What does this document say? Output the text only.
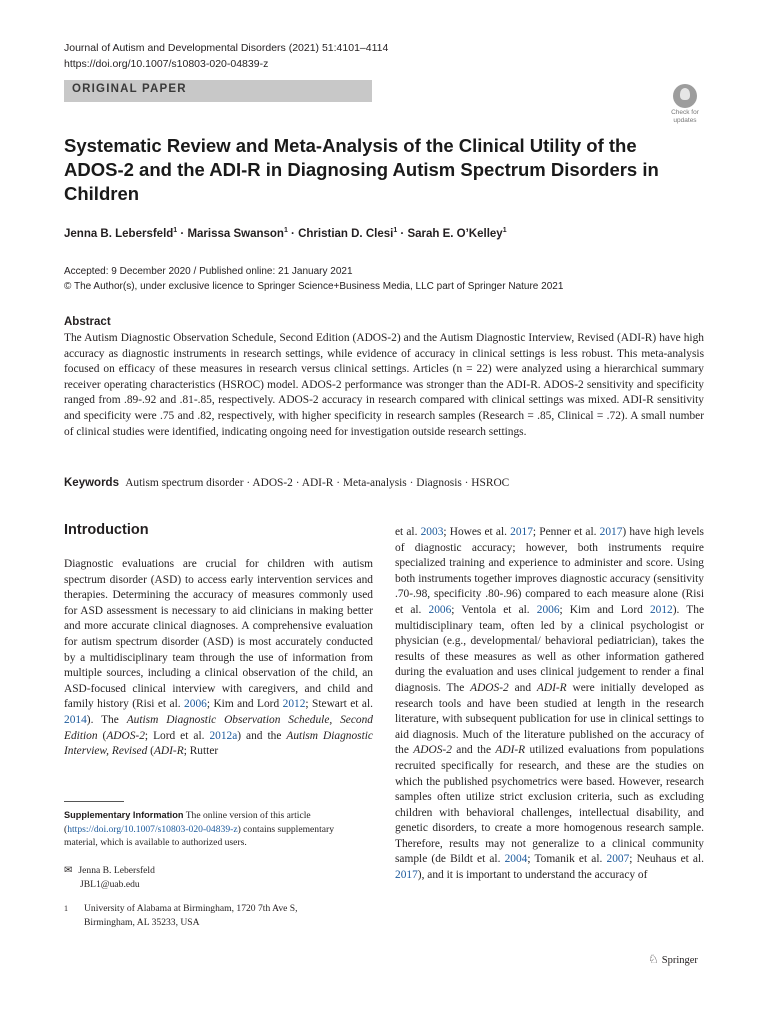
Journal of Autism and Developmental Disorders (2021) 51:4101–4114
https://doi.org/10.1007/s10803-020-04839-z
ORIGINAL PAPER
Check for
updates
Systematic Review and Meta-Analysis of the Clinical Utility of the ADOS-2 and the ADI-R in Diagnosing Autism Spectrum Disorders in Children
Jenna B. Lebersfeld$^1$ · Marissa Swanson$^1$ · Christian D. Clesi$^1$ · Sarah E. O’Kelley$^1$
Accepted: 9 December 2020 / Published online: 21 January 2021
© The Author(s), under exclusive licence to Springer Science+Business Media, LLC part of Springer Nature 2021
Abstract
The Autism Diagnostic Observation Schedule, Second Edition (ADOS-2) and the Autism Diagnostic Interview, Revised (ADI-R) have high accuracy as diagnostic instruments in research settings, while evidence of accuracy in clinical settings is less robust. This meta-analysis focused on efficacy of these measures in research versus clinical settings. Articles (n = 22) were analyzed using a hierarchical summary receiver operating characteristics (HSROC) model. ADOS-2 performance was stronger than the ADI-R. ADOS-2 sensitivity and specificity ranged from .89-.92 and .81-.85, respectively. ADOS-2 accuracy in research compared with clinical settings was mixed. ADI-R sensitivity and specificity were .75 and .82, respectively, with higher specificity in research samples (Research = .85, Clinical = .72). A small number of clinical studies were identified, indicating ongoing need for investigation outside research settings.
Keywords Autism spectrum disorder · ADOS-2 · ADI-R · Meta-analysis · Diagnosis · HSROC
Introduction

Diagnostic evaluations are crucial for children with autism spectrum disorder (ASD) to access early intervention services and therapies. Determining the accuracy of measures commonly used for ASD assessment is necessary to aid clinicians in making better and more accurate clinical diagnoses. A comprehensive evaluation for autism spectrum disorder (ASD) is most accurately conducted by a multidisciplinary team through the use of information from multiple sources, including a clinical observation of the child, an ASD-focused clinical interview with caregivers, and child and family history (Risi et al. 2006; Kim and Lord 2012; Stewart et al. 2014). The Autism Diagnostic Observation Schedule, Second Edition (ADOS-2; Lord et al. 2012a) and the Autism Diagnostic Interview, Revised (ADI-R; Rutter

et al. 2003; Howes et al. 2017; Penner et al. 2017) have high levels of diagnostic accuracy; however, both instruments require specialized training and experience to administer and score. Using both instruments together improves diagnostic accuracy (sensitivity .70-.98, specificity .80-.96) compared to each measure alone (Risi et al. 2006; Ventola et al. 2006; Kim and Lord 2012). The multidisciplinary team, often led by a clinical psychologist or physician (e.g., developmental/ behavioral pediatrician), takes the results of these measures as well as other information gathered during the evaluation and uses clinical judgement to render a final diagnosis. The ADOS-2 and ADI-R were initially developed as research tools and have been studied at length in the research literature, with subsequent publication for use in clinical settings to aid diagnosis. Much of the literature published on the accuracy of the ADOS-2 and the ADI-R utilized evaluations from populations recruited specifically for research, and these are the studies on which the published psychometrics were based. However, research samples often utilize strict exclusion criteria, such as excluding children with behavioral challenges, intellectual disability, and genetic disorders, to create a more homogenous research sample. Therefore, results may not generalize to a clinical community sample (de Bildt et al. 2004; Tomanik et al. 2007; Neuhaus et al. 2017), and it is important to understand the accuracy of

Supplementary Information The online version of this article (https://doi.org/10.1007/s10803-020-04839-z) contains supplementary material, which is available to authorized users.
✉ Jenna B. Lebersfeld
JBL1@uab.edu
1 University of Alabama at Birmingham, 1720 7th Ave S,
Birmingham, AL 35233, USA
♘ Springer
